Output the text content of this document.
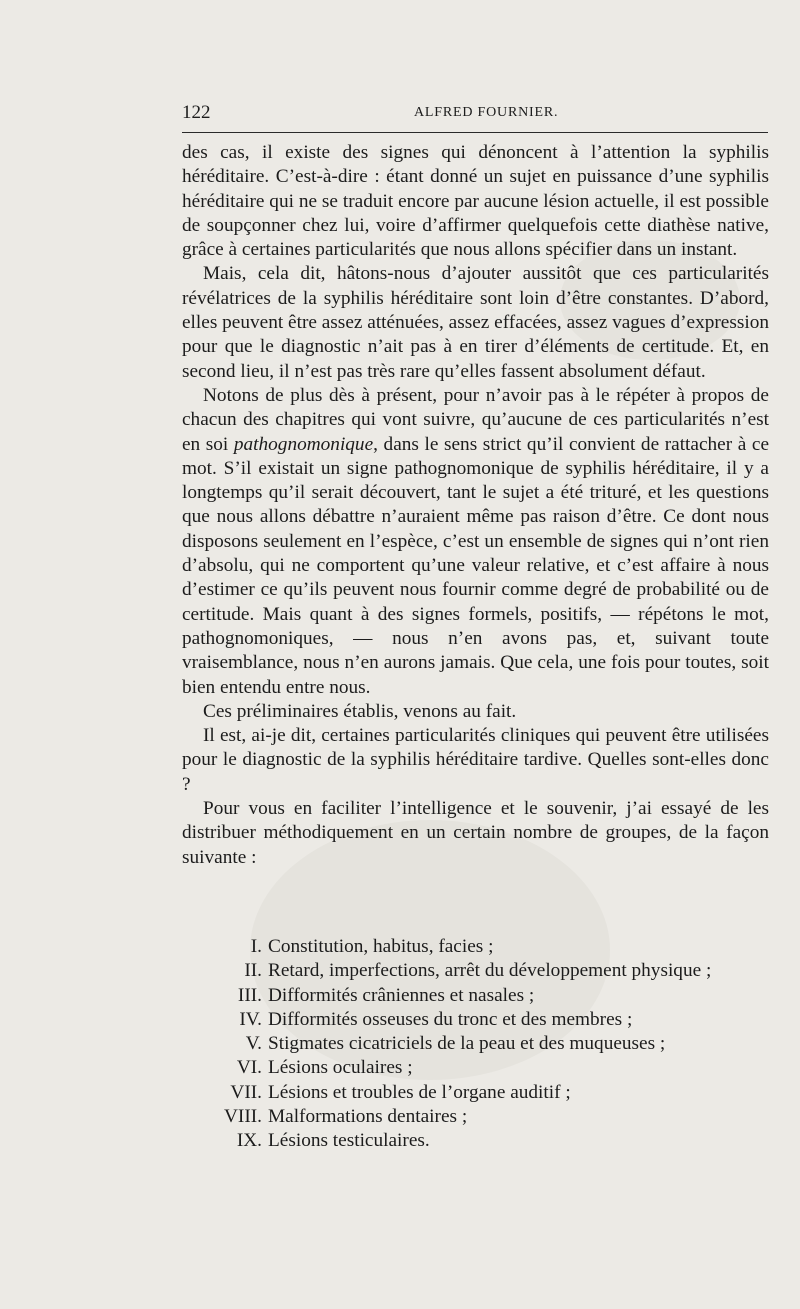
122	ALFRED FOURNIER.

des cas, il existe des signes qui dénoncent à l’attention la syphilis héréditaire. C’est-à-dire : étant donné un sujet en puissance d’une syphilis héréditaire qui ne se traduit encore par aucune lésion actuelle, il est possible de soupçonner chez lui, voire d’affirmer quelquefois cette diathèse native, grâce à certaines particularités que nous allons spécifier dans un instant.

Mais, cela dit, hâtons-nous d’ajouter aussitôt que ces particularités révélatrices de la syphilis héréditaire sont loin d’être constantes. D’abord, elles peuvent être assez atténuées, assez effacées, assez vagues d’expression pour que le diagnostic n’ait pas à en tirer d’éléments de certitude. Et, en second lieu, il n’est pas très rare qu’elles fassent absolument défaut.

Notons de plus dès à présent, pour n’avoir pas à le répéter à propos de chacun des chapitres qui vont suivre, qu’aucune de ces particularités n’est en soi pathognomonique, dans le sens strict qu’il convient de rattacher à ce mot. S’il existait un signe pathognomonique de syphilis héréditaire, il y a longtemps qu’il serait découvert, tant le sujet a été trituré, et les questions que nous allons débattre n’auraient même pas raison d’être. Ce dont nous disposons seulement en l’espèce, c’est un ensemble de signes qui n’ont rien d’absolu, qui ne comportent qu’une valeur relative, et c’est affaire à nous d’estimer ce qu’ils peuvent nous fournir comme degré de probabilité ou de certitude. Mais quant à des signes formels, positifs, — répétons le mot, pathognomoniques, — nous n’en avons pas, et, suivant toute vraisemblance, nous n’en aurons jamais. Que cela, une fois pour toutes, soit bien entendu entre nous.

Ces préliminaires établis, venons au fait.

Il est, ai-je dit, certaines particularités cliniques qui peuvent être utilisées pour le diagnostic de la syphilis héréditaire tardive. Quelles sont-elles donc ?

Pour vous en faciliter l’intelligence et le souvenir, j’ai essayé de les distribuer méthodiquement en un certain nombre de groupes, de la façon suivante :

I. Constitution, habitus, facies ;
II. Retard, imperfections, arrêt du développement physique ;
III. Difformités crâniennes et nasales ;
IV. Difformités osseuses du tronc et des membres ;
V. Stigmates cicatriciels de la peau et des muqueuses ;
VI. Lésions oculaires ;
VII. Lésions et troubles de l’organe auditif ;
VIII. Malformations dentaires ;
IX. Lésions testiculaires.
